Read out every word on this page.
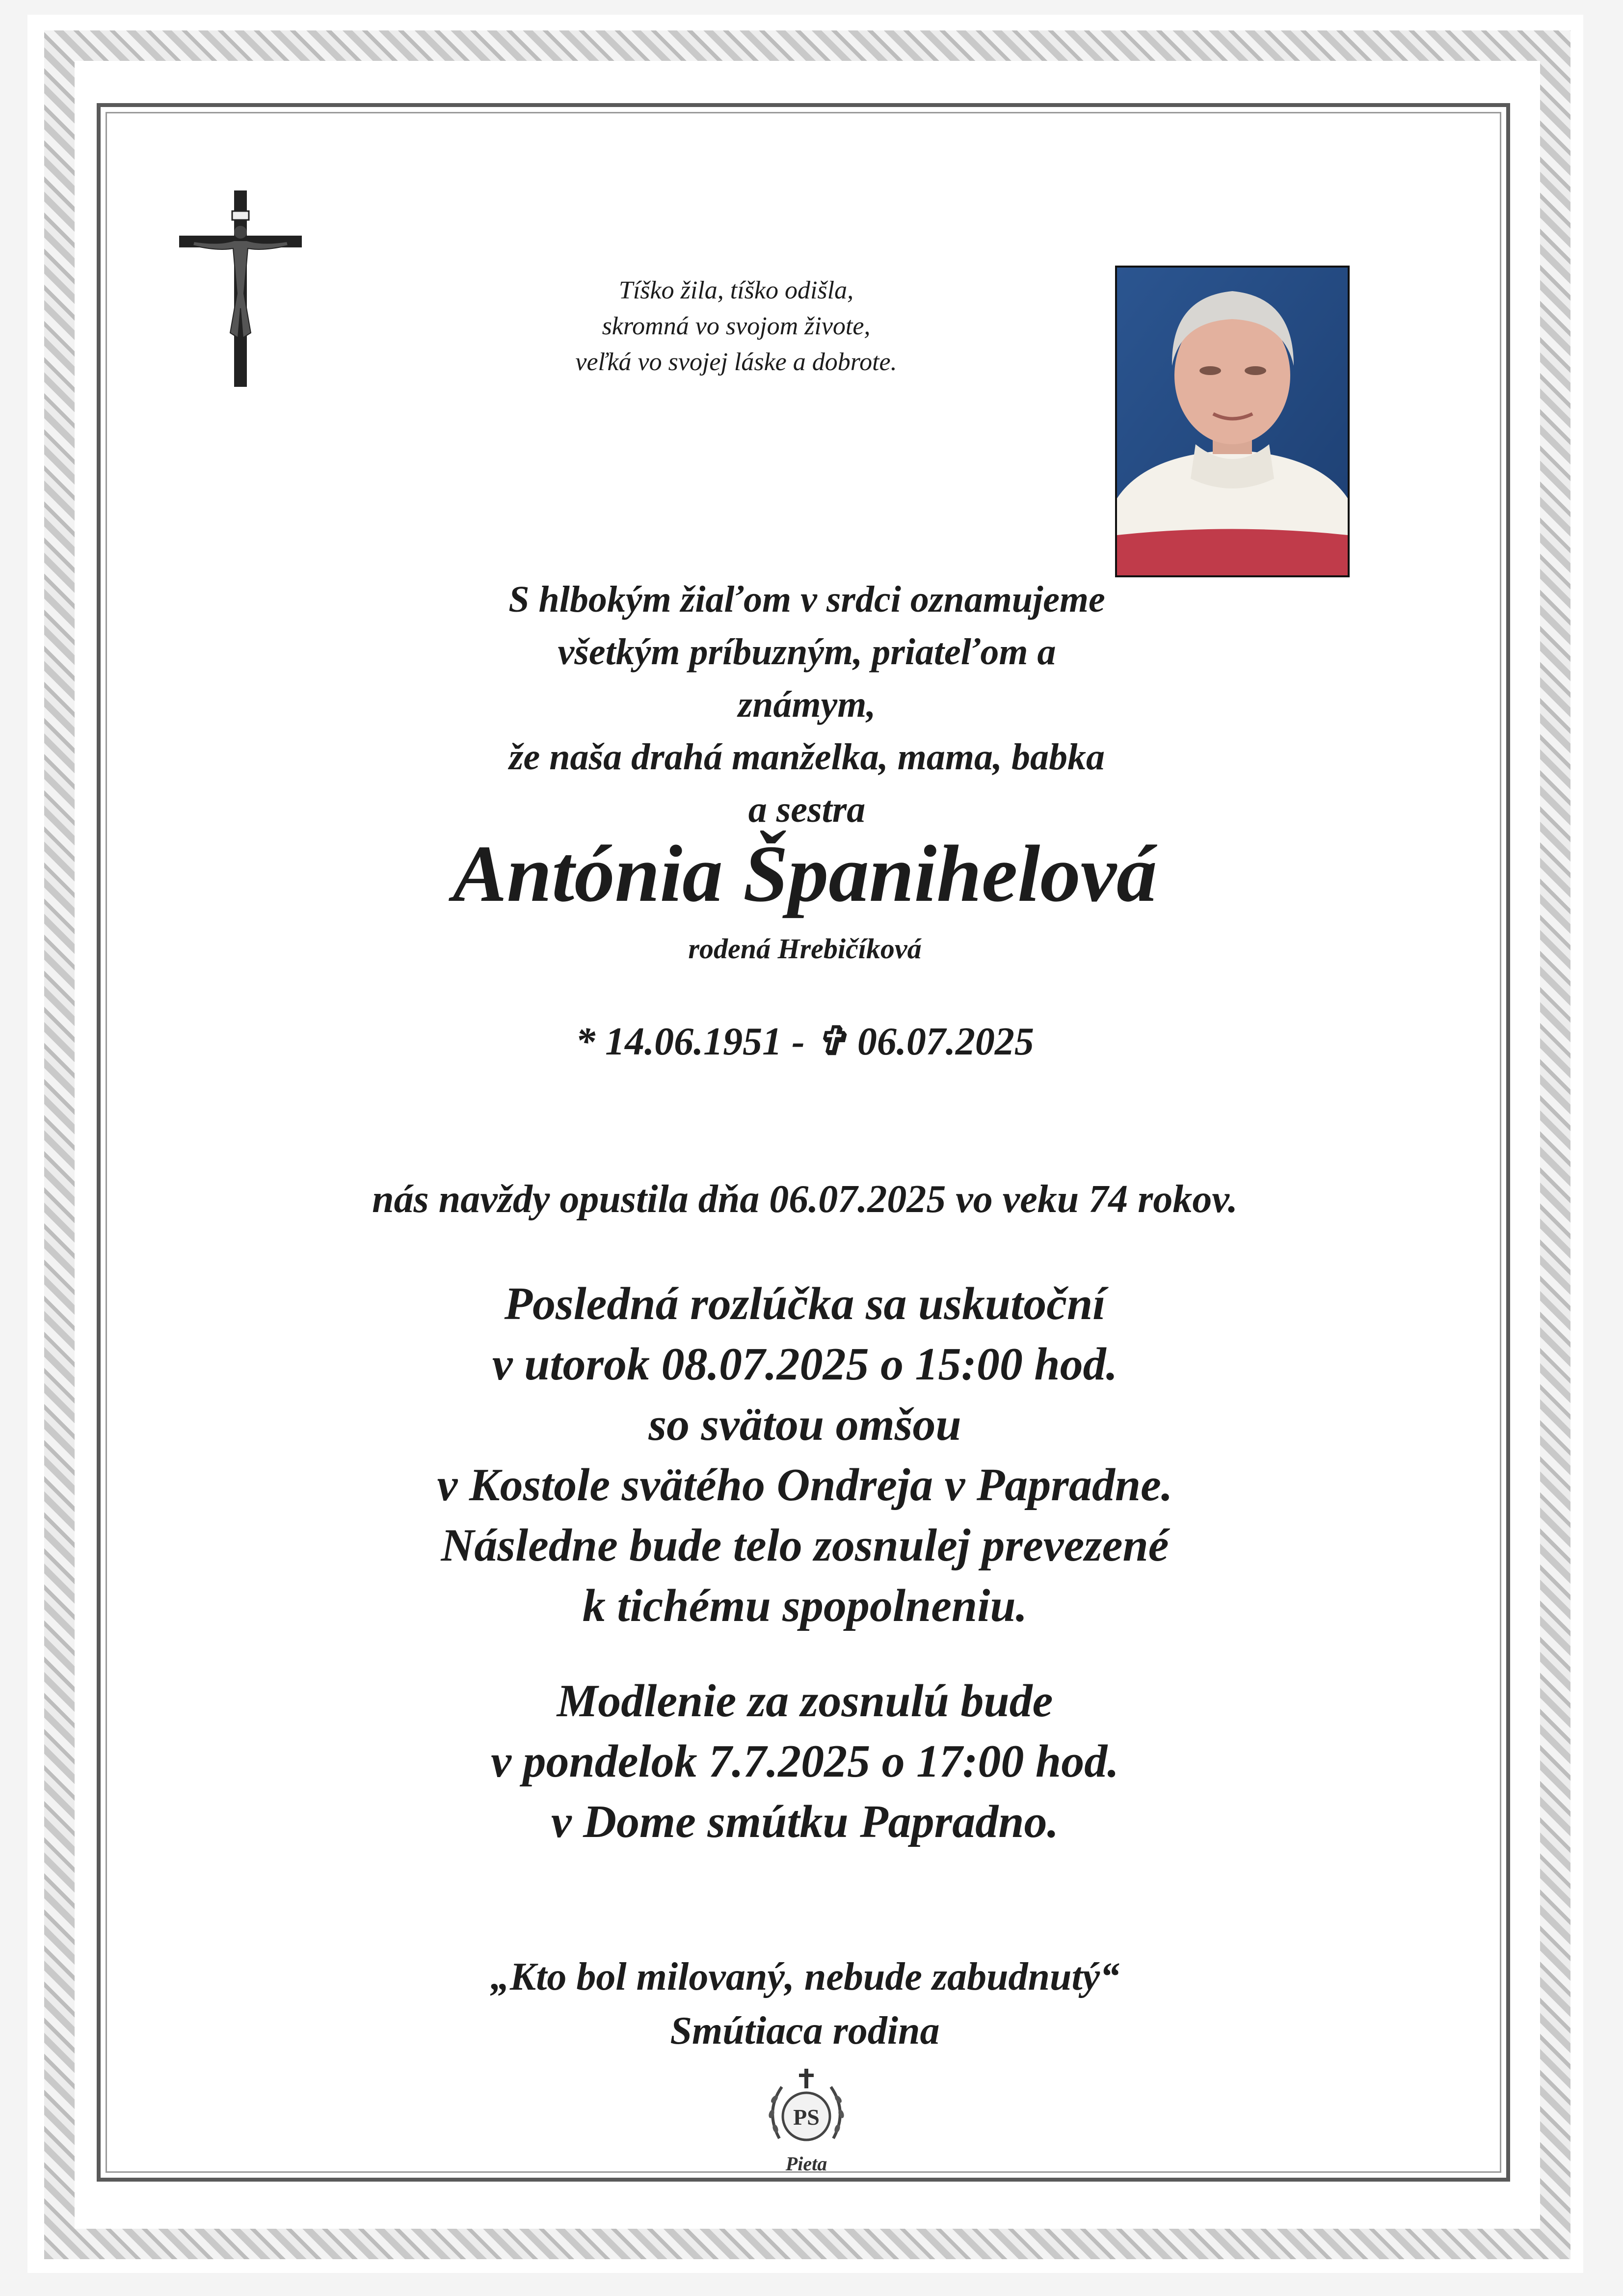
Tíško žila, tíško odišla,
skromná vo svojom živote,
veľká vo svojej láske a dobrote.
S hlbokým žiaľom v srdci oznamujeme
všetkým príbuzným, priateľom a známym,
že naša drahá manželka, mama, babka a sestra
Antónia Španihelová
rodená Hrebičíková
* 14.06.1951 - ✞ 06.07.2025
nás navždy opustila dňa 06.07.2025 vo veku 74 rokov.
Posledná rozlúčka sa uskutoční
v utorok 08.07.2025 o 15:00 hod.
so svätou omšou
v Kostole svätého Ondreja v Papradne.
Následne bude telo zosnulej prevezené
k tichému spopolneniu.
Modlenie za zosnulú bude
v pondelok 7.7.2025 o 17:00 hod.
v Dome smútku Papradno.
„Kto bol milovaný, nebude zabudnutý“
Smútiaca rodina
PS
Pieta
